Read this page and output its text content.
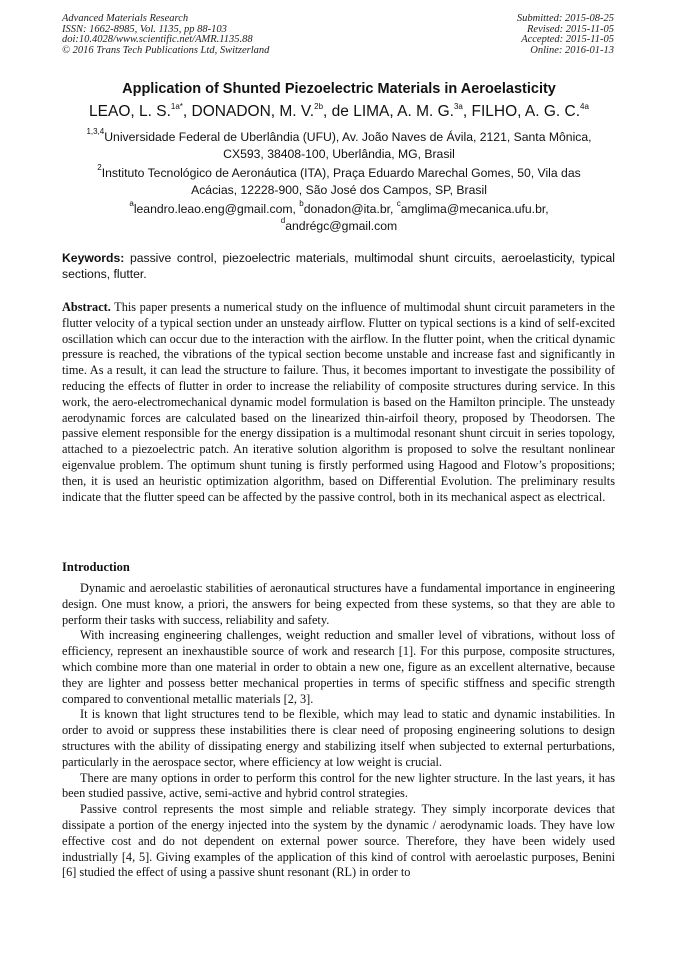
Advanced Materials Research
ISSN: 1662-8985, Vol. 1135, pp 88-103
doi:10.4028/www.scientific.net/AMR.1135.88
© 2016 Trans Tech Publications Ltd, Switzerland
Submitted: 2015-08-25
Revised: 2015-11-05
Accepted: 2015-11-05
Online: 2016-01-13
Application of Shunted Piezoelectric Materials in Aeroelasticity
LEAO, L. S.$^{1a*}$, DONADON, M. V.$^{2b}$, de LIMA, A. M. G.$^{3a}$, FILHO, A. G. C.$^{4a}$
$^{1,3,4}$Universidade Federal de Uberlândia (UFU), Av. João Naves de Ávila, 2121, Santa Mônica, CX593, 38408-100, Uberlândia, MG, Brasil
$^2$Instituto Tecnológico de Aeronáutica (ITA), Praça Eduardo Marechal Gomes, 50, Vila das Acácias, 12228-900, São José dos Campos, SP, Brasil
$^a$leandro.leao.eng@gmail.com, $^b$donadon@ita.br, $^c$amglima@mecanica.ufu.br,
$^d$andrégc@gmail.com
Keywords: passive control, piezoelectric materials, multimodal shunt circuits, aeroelasticity, typical sections, flutter.
Abstract. This paper presents a numerical study on the influence of multimodal shunt circuit parameters in the flutter velocity of a typical section under an unsteady airflow. Flutter on typical sections is a kind of self-excited oscillation which can occur due to the interaction with the airflow. In the flutter point, when the critical dynamic pressure is reached, the vibrations of the typical section become unstable and increase fast and significantly in time. As a result, it can lead the structure to failure. Thus, it becomes important to investigate the possibility of reducing the effects of flutter in order to increase the reliability of composite structures during service. In this work, the aero-electromechanical dynamic model formulation is based on the Hamilton principle. The unsteady aerodynamic forces are calculated based on the linearized thin-airfoil theory, proposed by Theodorsen. The passive element responsible for the energy dissipation is a multimodal resonant shunt circuit in series topology, attached to a piezoelectric patch. An iterative solution algorithm is proposed to solve the resultant nonlinear eigenvalue problem. The optimum shunt tuning is firstly performed using Hagood and Flotow’s propositions; then, it is used an heuristic optimization algorithm, based on Differential Evolution. The preliminary results indicate that the flutter speed can be affected by the passive control, both in its mechanical aspect as electrical.
Introduction

Dynamic and aeroelastic stabilities of aeronautical structures have a fundamental importance in engineering design. One must know, a priori, the answers for being expected from these systems, so that they are able to perform their tasks with success, reliability and safety.

With increasing engineering challenges, weight reduction and smaller level of vibrations, without loss of efficiency, represent an inexhaustible source of work and research [1]. For this purpose, composite structures, which combine more than one material in order to obtain a new one, figure as an excellent alternative, because they are lighter and possess better mechanical properties in terms of specific stiffness and specific strength compared to conventional metallic materials [2, 3].

It is known that light structures tend to be flexible, which may lead to static and dynamic instabilities. In order to avoid or suppress these instabilities there is clear need of proposing engineering solutions to design structures with the ability of dissipating energy and stabilizing itself when subjected to external perturbations, particularly in the aerospace sector, where efficiency at low weight is crucial.

There are many options in order to perform this control for the new lighter structure. In the last years, it has been studied passive, active, semi-active and hybrid control strategies.

Passive control represents the most simple and reliable strategy. They simply incorporate devices that dissipate a portion of the energy injected into the system by the dynamic / aerodynamic loads. They have low effective cost and do not dependent on external power source. Therefore, they have been widely used industrially [4, 5]. Giving examples of the application of this kind of control with aeroelastic purposes, Benini [6] studied the effect of using a passive shunt resonant (RL) in order to
